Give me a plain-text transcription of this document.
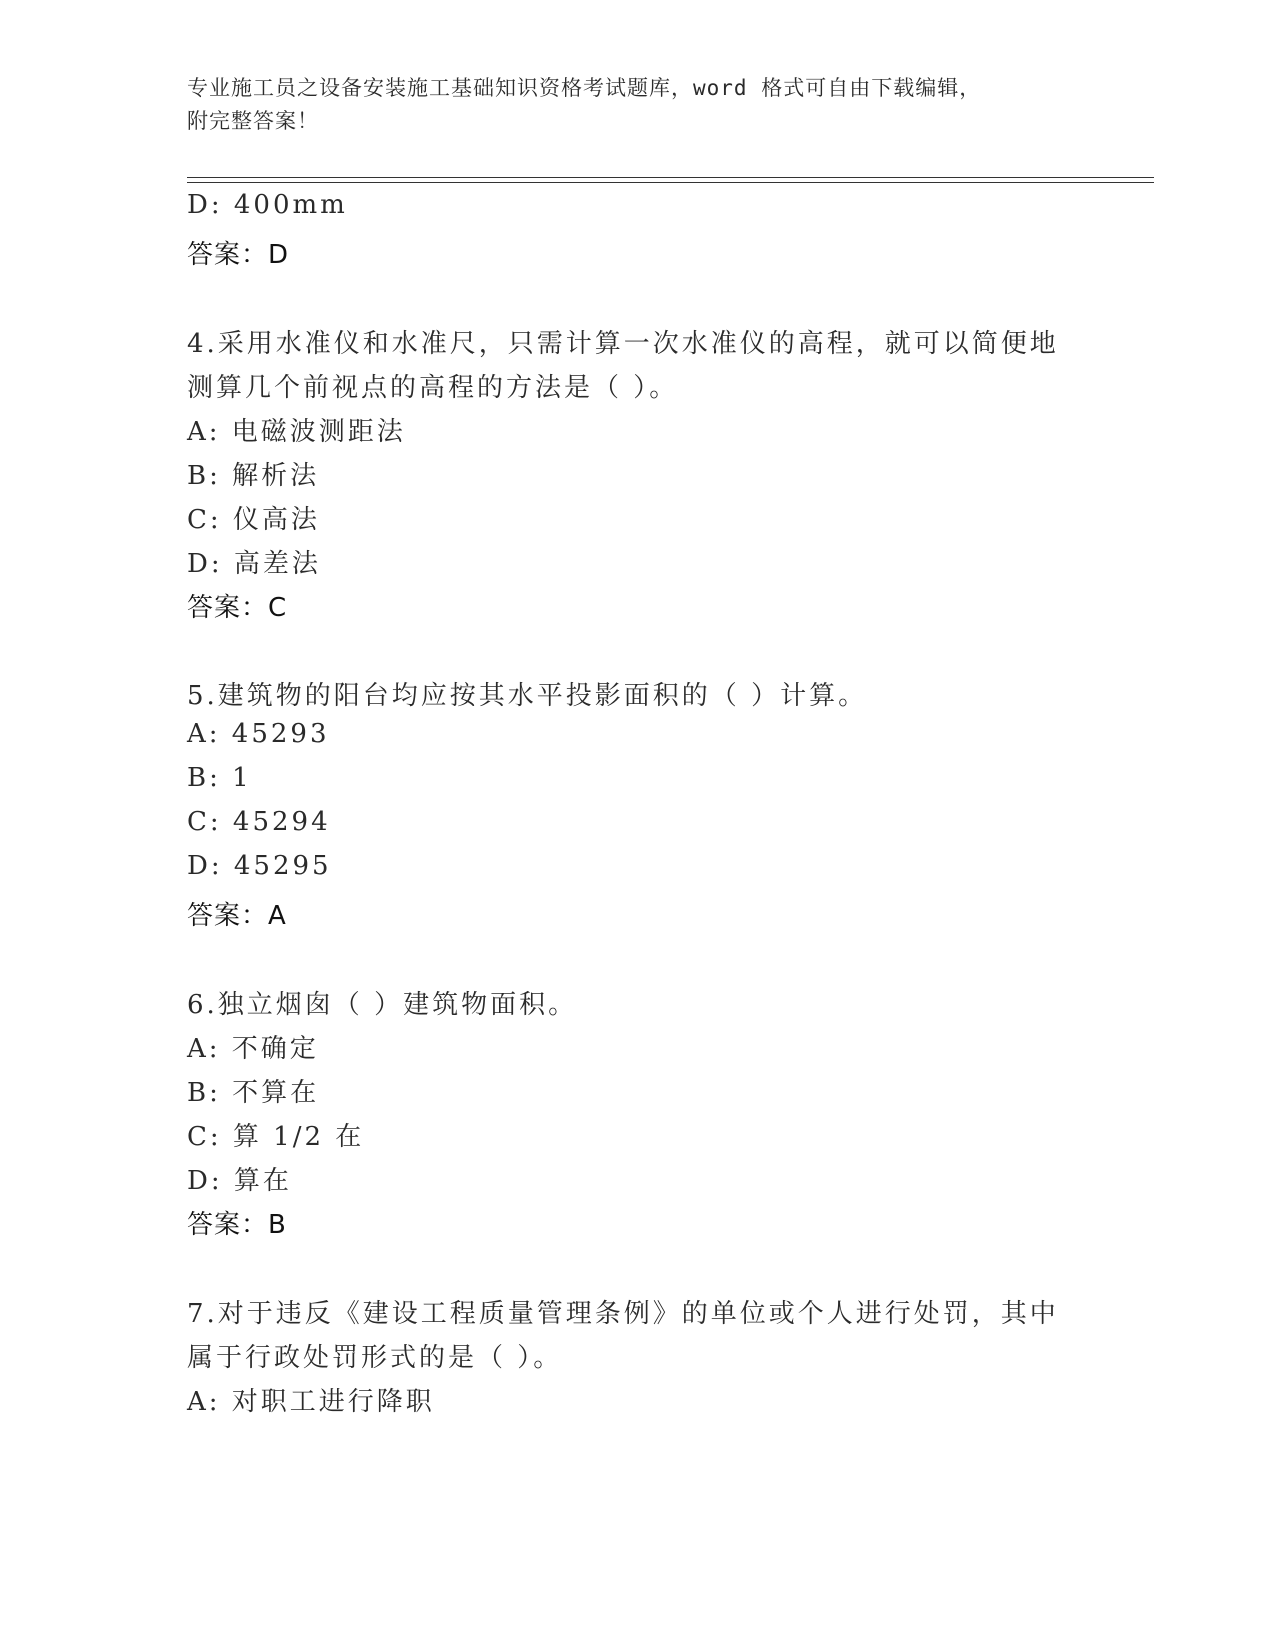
专业施工员之设备安装施工基础知识资格考试题库，word 格式可自由下载编辑，
附完整答案！
D: 400mm
答案：D
4.采用水准仪和水准尺，只需计算一次水准仪的高程，就可以简便地
测算几个前视点的高程的方法是（ ）。
A: 电磁波测距法
B: 解析法
C: 仪高法
D: 高差法
答案：C
5.建筑物的阳台均应按其水平投影面积的（ ）计算。
A: 45293
B: 1
C: 45294
D: 45295
答案：A
6.独立烟囱（ ）建筑物面积。
A: 不确定
B: 不算在
C: 算 1/2 在
D: 算在
答案：B
7.对于违反《建设工程质量管理条例》的单位或个人进行处罚，其中
属于行政处罚形式的是（ ）。
A: 对职工进行降职
